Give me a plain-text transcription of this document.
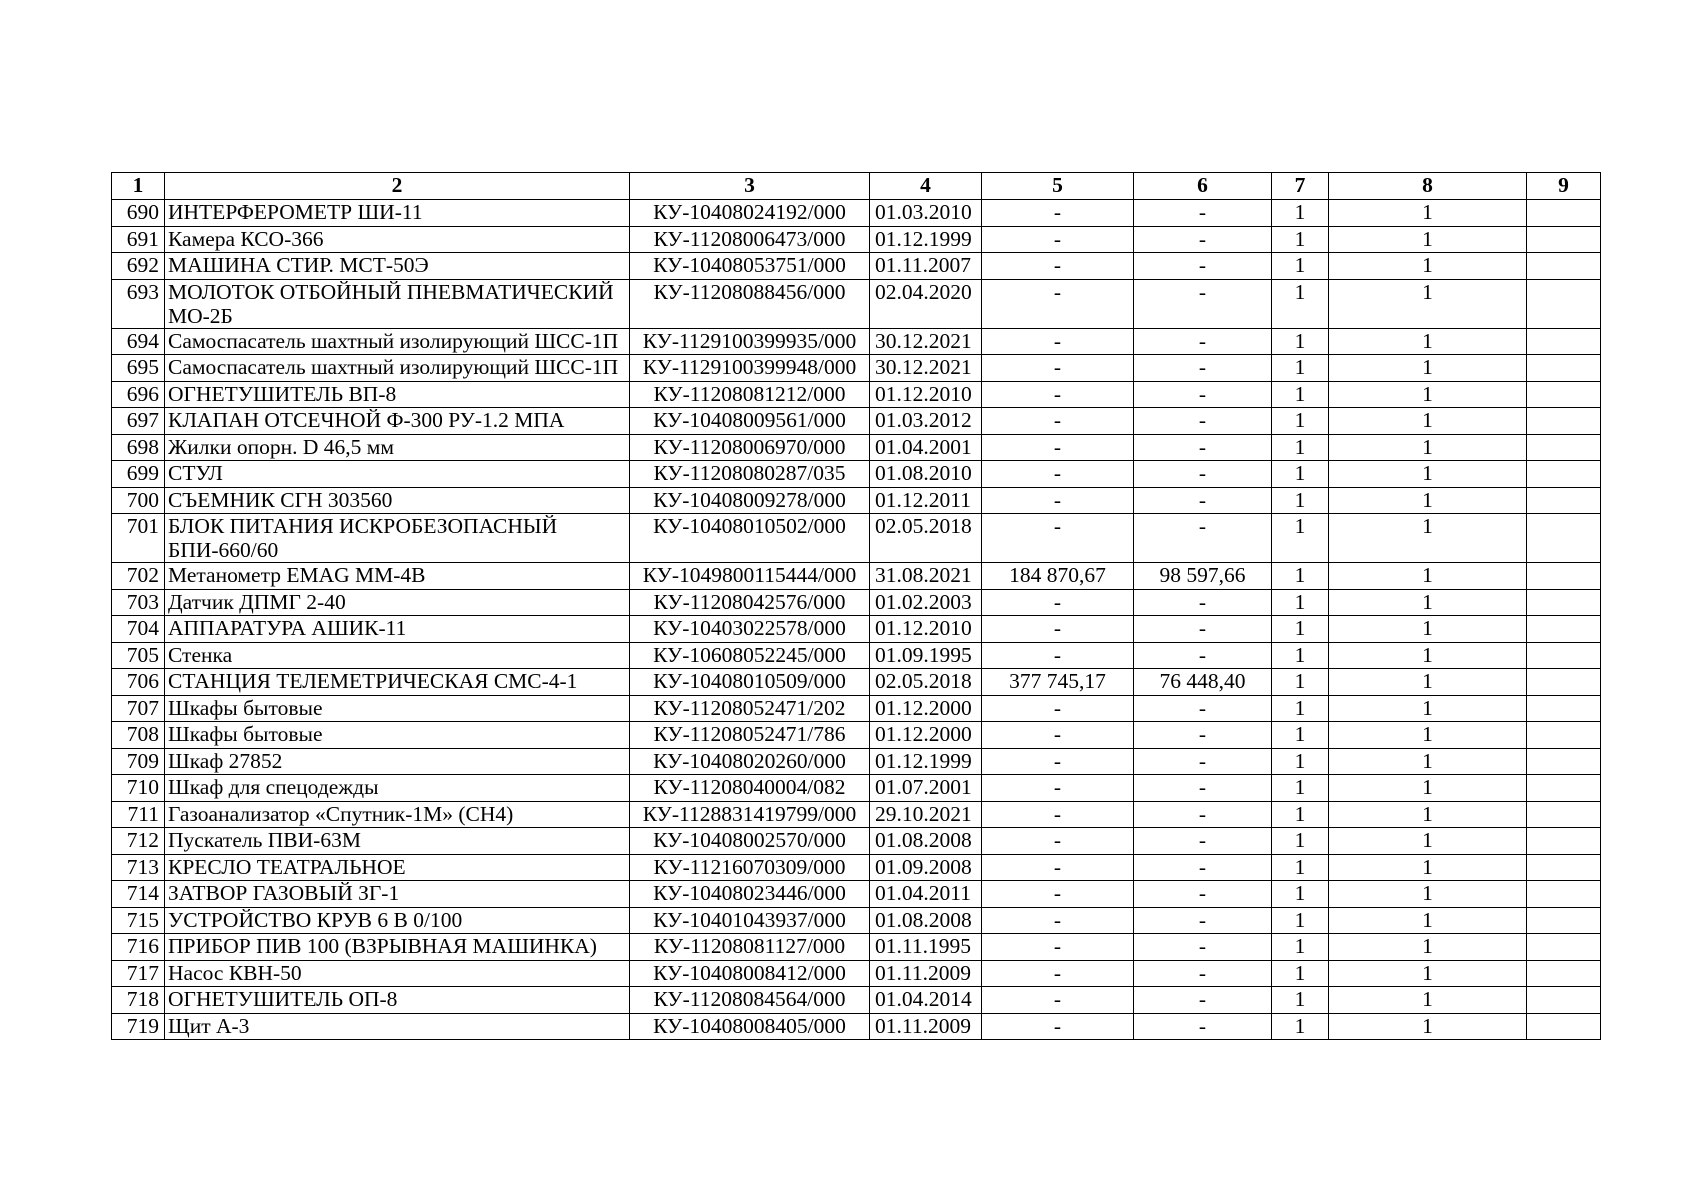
1	2	3	4	5	6	7	8	9
690	ИНТЕРФЕРОМЕТР ШИ-11	КУ-10408024192/000	01.03.2010	-	-	1	1	
691	Камера КСО-366	КУ-11208006473/000	01.12.1999	-	-	1	1	
692	МАШИНА СТИР. МСТ-50Э	КУ-10408053751/000	01.11.2007	-	-	1	1	
693	МОЛОТОК ОТБОЙНЫЙ ПНЕВМАТИЧЕСКИЙ МО-2Б	КУ-11208088456/000	02.04.2020	-	-	1	1	
694	Самоспасатель шахтный изолирующий ШСС-1П	КУ-1129100399935/000	30.12.2021	-	-	1	1	
695	Самоспасатель шахтный изолирующий ШСС-1П	КУ-1129100399948/000	30.12.2021	-	-	1	1	
696	ОГНЕТУШИТЕЛЬ ВП-8	КУ-11208081212/000	01.12.2010	-	-	1	1	
697	КЛАПАН ОТСЕЧНОЙ Ф-300 РУ-1.2 МПА	КУ-10408009561/000	01.03.2012	-	-	1	1	
698	Жилки опорн. D 46,5 мм	КУ-11208006970/000	01.04.2001	-	-	1	1	
699	СТУЛ	КУ-11208080287/035	01.08.2010	-	-	1	1	
700	СЪЕМНИК СГН 303560	КУ-10408009278/000	01.12.2011	-	-	1	1	
701	БЛОК ПИТАНИЯ ИСКРОБЕЗОПАСНЫЙ БПИ-660/60	КУ-10408010502/000	02.05.2018	-	-	1	1	
702	Метанометр EMAG MM-4B	КУ-1049800115444/000	31.08.2021	184 870,67	98 597,66	1	1	
703	Датчик ДПМГ 2-40	КУ-11208042576/000	01.02.2003	-	-	1	1	
704	АППАРАТУРА АШИК-11	КУ-10403022578/000	01.12.2010	-	-	1	1	
705	Стенка	КУ-10608052245/000	01.09.1995	-	-	1	1	
706	СТАНЦИЯ ТЕЛЕМЕТРИЧЕСКАЯ СМС-4-1	КУ-10408010509/000	02.05.2018	377 745,17	76 448,40	1	1	
707	Шкафы бытовые	КУ-11208052471/202	01.12.2000	-	-	1	1	
708	Шкафы бытовые	КУ-11208052471/786	01.12.2000	-	-	1	1	
709	Шкаф 27852	КУ-10408020260/000	01.12.1999	-	-	1	1	
710	Шкаф для спецодежды	КУ-11208040004/082	01.07.2001	-	-	1	1	
711	Газоанализатор «Спутник-1М» (CH4)	КУ-1128831419799/000	29.10.2021	-	-	1	1	
712	Пускатель ПВИ-63М	КУ-10408002570/000	01.08.2008	-	-	1	1	
713	КРЕСЛО ТЕАТРАЛЬНОЕ	КУ-11216070309/000	01.09.2008	-	-	1	1	
714	ЗАТВОР ГАЗОВЫЙ ЗГ-1	КУ-10408023446/000	01.04.2011	-	-	1	1	
715	УСТРОЙСТВО КРУВ 6 В 0/100	КУ-10401043937/000	01.08.2008	-	-	1	1	
716	ПРИБОР ПИВ 100 (ВЗРЫВНАЯ МАШИНКА)	КУ-11208081127/000	01.11.1995	-	-	1	1	
717	Насос КВН-50	КУ-10408008412/000	01.11.2009	-	-	1	1	
718	ОГНЕТУШИТЕЛЬ ОП-8	КУ-11208084564/000	01.04.2014	-	-	1	1	
719	Щит А-3	КУ-10408008405/000	01.11.2009	-	-	1	1	
